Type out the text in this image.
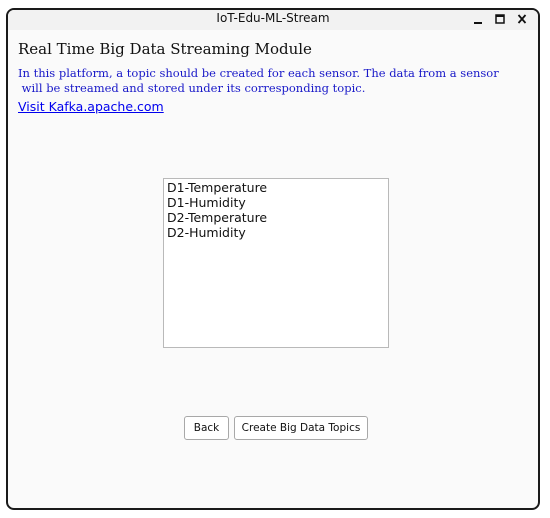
IoT-Edu-ML-Stream
Real Time Big Data Streaming Module
In this platform, a topic should be created for each sensor. The data from a sensor
will be streamed and stored under its corresponding topic.
Visit Kafka.apache.com
D1-Temperature
D1-Humidity
D2-Temperature
D2-Humidity
Back	Create Big Data Topics
